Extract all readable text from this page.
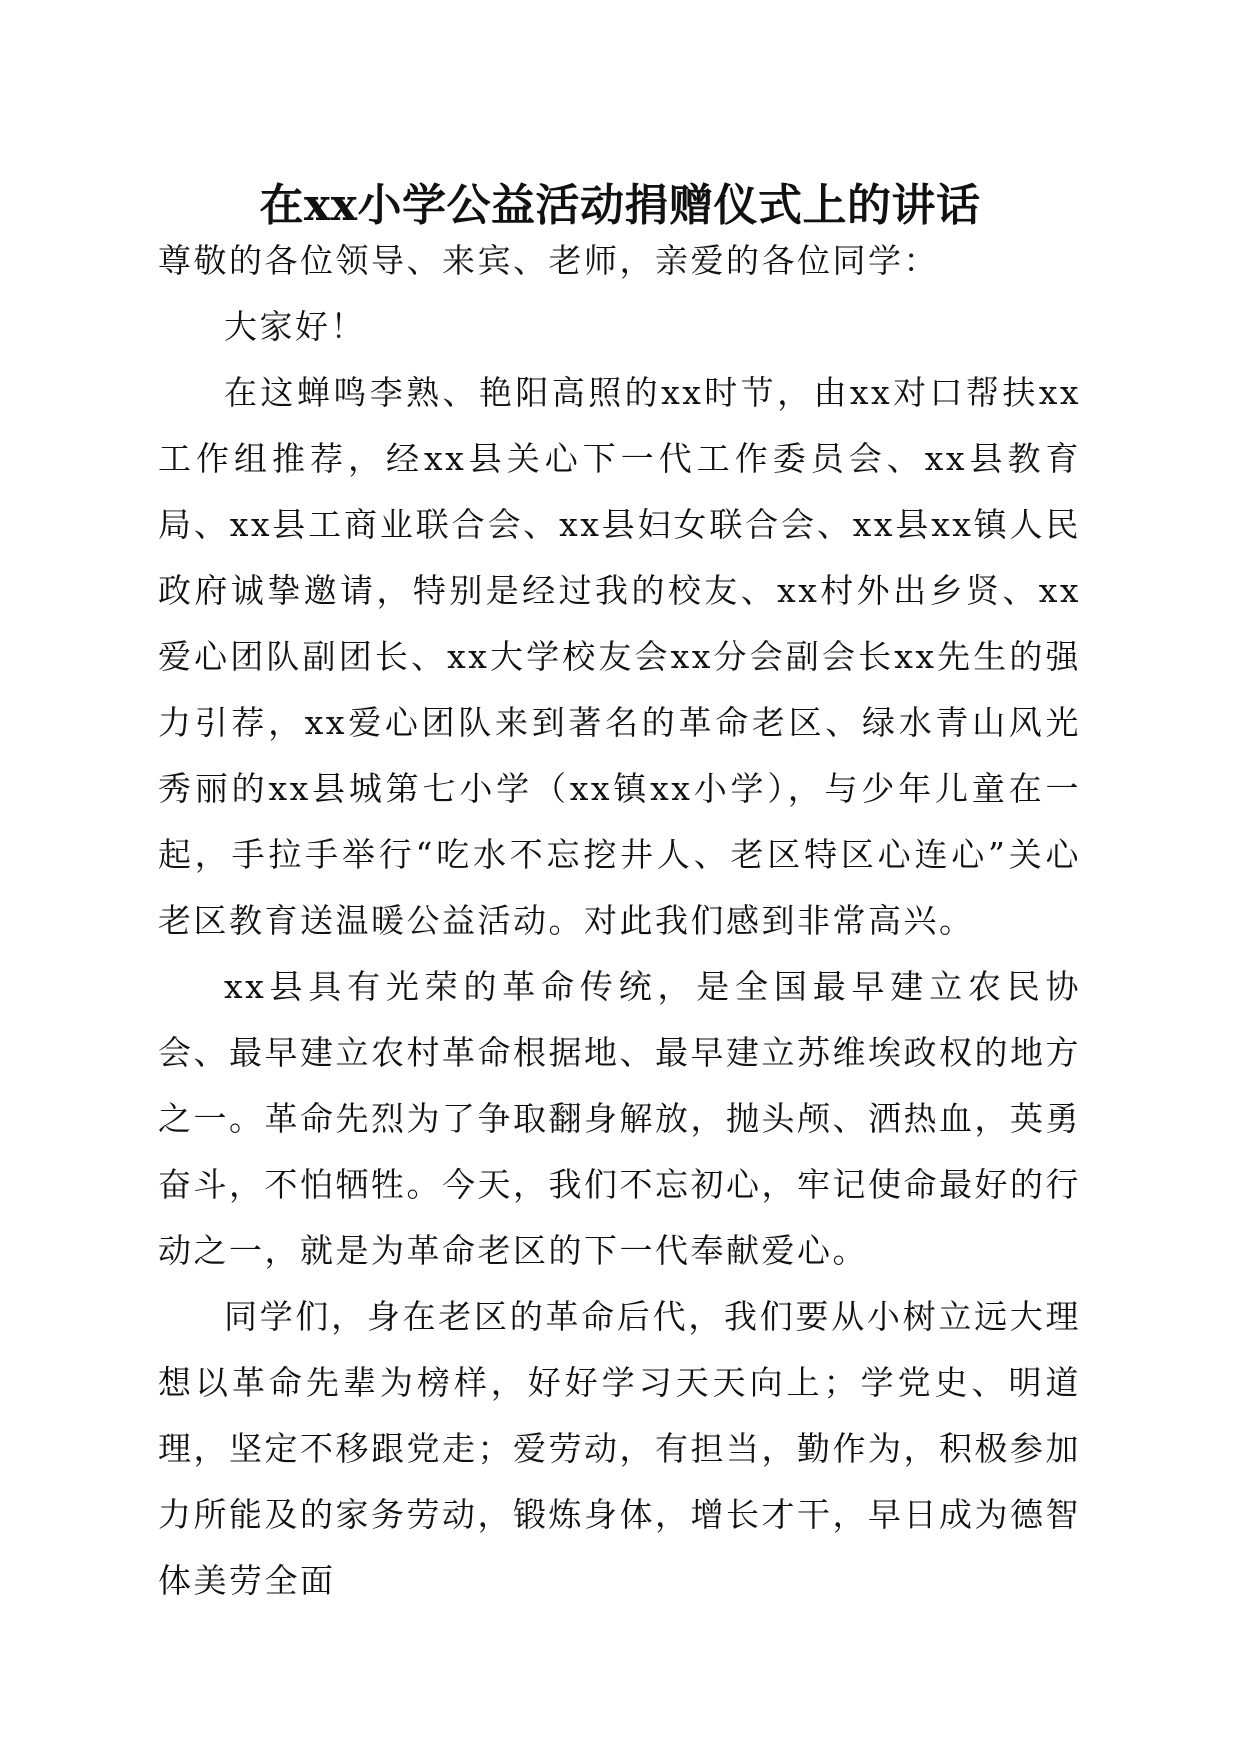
在xx小学公益活动捐赠仪式上的讲话

尊敬的各位领导、来宾、老师，亲爱的各位同学：

大家好！

在这蝉鸣李熟、艳阳高照的xx时节，由xx对口帮扶xx工作组推荐，经xx县关心下一代工作委员会、xx县教育局、xx县工商业联合会、xx县妇女联合会、xx县xx镇人民政府诚挚邀请，特别是经过我的校友、xx村外出乡贤、xx爱心团队副团长、xx大学校友会xx分会副会长xx先生的强力引荐，xx爱心团队来到著名的革命老区、绿水青山风光秀丽的xx县城第七小学（xx镇xx小学），与少年儿童在一起，手拉手举行“吃水不忘挖井人、老区特区心连心”关心老区教育送温暖公益活动。对此我们感到非常高兴。

xx县具有光荣的革命传统，是全国最早建立农民协会、最早建立农村革命根据地、最早建立苏维埃政权的地方之一。革命先烈为了争取翻身解放，抛头颅、洒热血，英勇奋斗，不怕牺牲。今天，我们不忘初心，牢记使命最好的行动之一，就是为革命老区的下一代奉献爱心。

同学们，身在老区的革命后代，我们要从小树立远大理想以革命先辈为榜样，好好学习天天向上；学党史、明道理，坚定不移跟党走；爱劳动，有担当，勤作为，积极参加力所能及的家务劳动，锻炼身体，增长才干，早日成为德智体美劳全面
